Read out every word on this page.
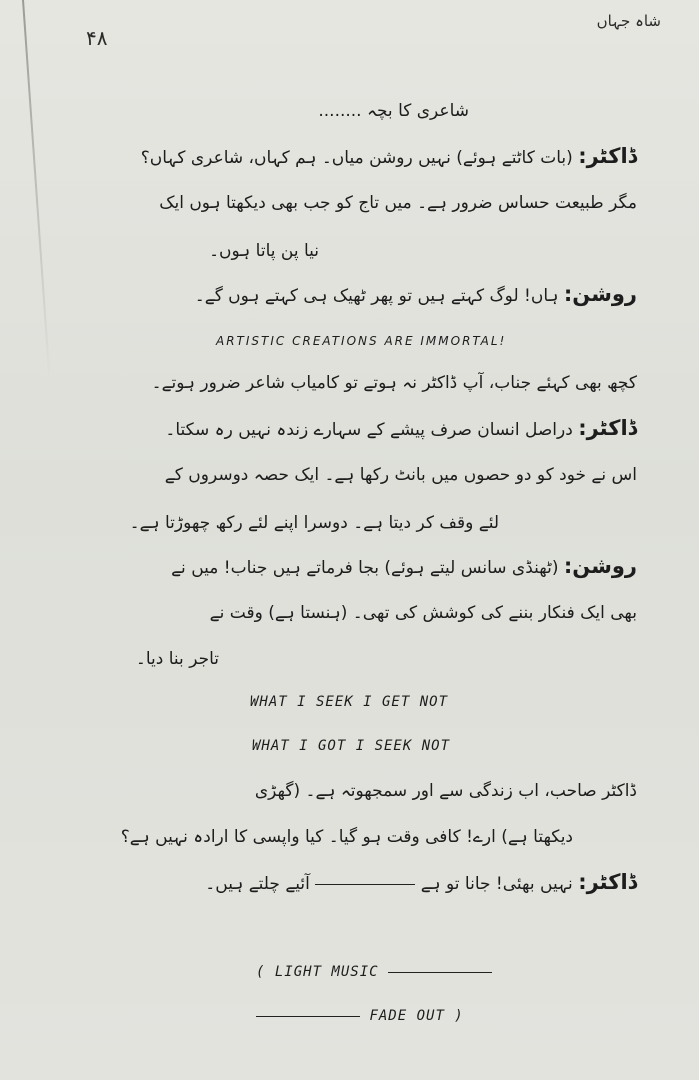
۴۸
شاہ جہاں
شاعری کا بچہ ........
ڈاکٹر: (بات کاٹتے ہوئے) نہیں روشن میاں۔ ہم کہاں، شاعری کہاں؟
مگر طبیعت حساس ضرور ہے۔ میں تاج کو جب بھی دیکھتا ہوں ایک
نیا پن پاتا ہوں۔
روشن: ہاں! لوگ کہتے ہیں تو پھر ٹھیک ہی کہتے ہوں گے۔
ARTISTIC CREATIONS ARE IMMORTAL!
کچھ بھی کہئے جناب، آپ ڈاکٹر نہ ہوتے تو کامیاب شاعر ضرور ہوتے۔
ڈاکٹر: دراصل انسان صرف پیشے کے سہارے زندہ نہیں رہ سکتا۔
اس نے خود کو دو حصوں میں بانٹ رکھا ہے۔ ایک حصہ دوسروں کے
لئے وقف کر دیتا ہے۔ دوسرا اپنے لئے رکھ چھوڑتا ہے۔
روشن: (ٹھنڈی سانس لیتے ہوئے) بجا فرماتے ہیں جناب! میں نے
بھی ایک فنکار بننے کی کوشش کی تھی۔ (ہنستا ہے) وقت نے
تاجر بنا دیا۔
WHAT I SEEK I GET NOT
WHAT I GOT I SEEK NOT
ڈاکٹر صاحب، اب زندگی سے اور سمجھوتہ ہے۔ (گھڑی
دیکھتا ہے) ارے! کافی وقت ہو گیا۔ کیا واپسی کا ارادہ نہیں ہے؟
ڈاکٹر: نہیں بھئی! جانا تو ہے  آئیے چلتے ہیں۔
( LIGHT MUSIC
FADE OUT )
